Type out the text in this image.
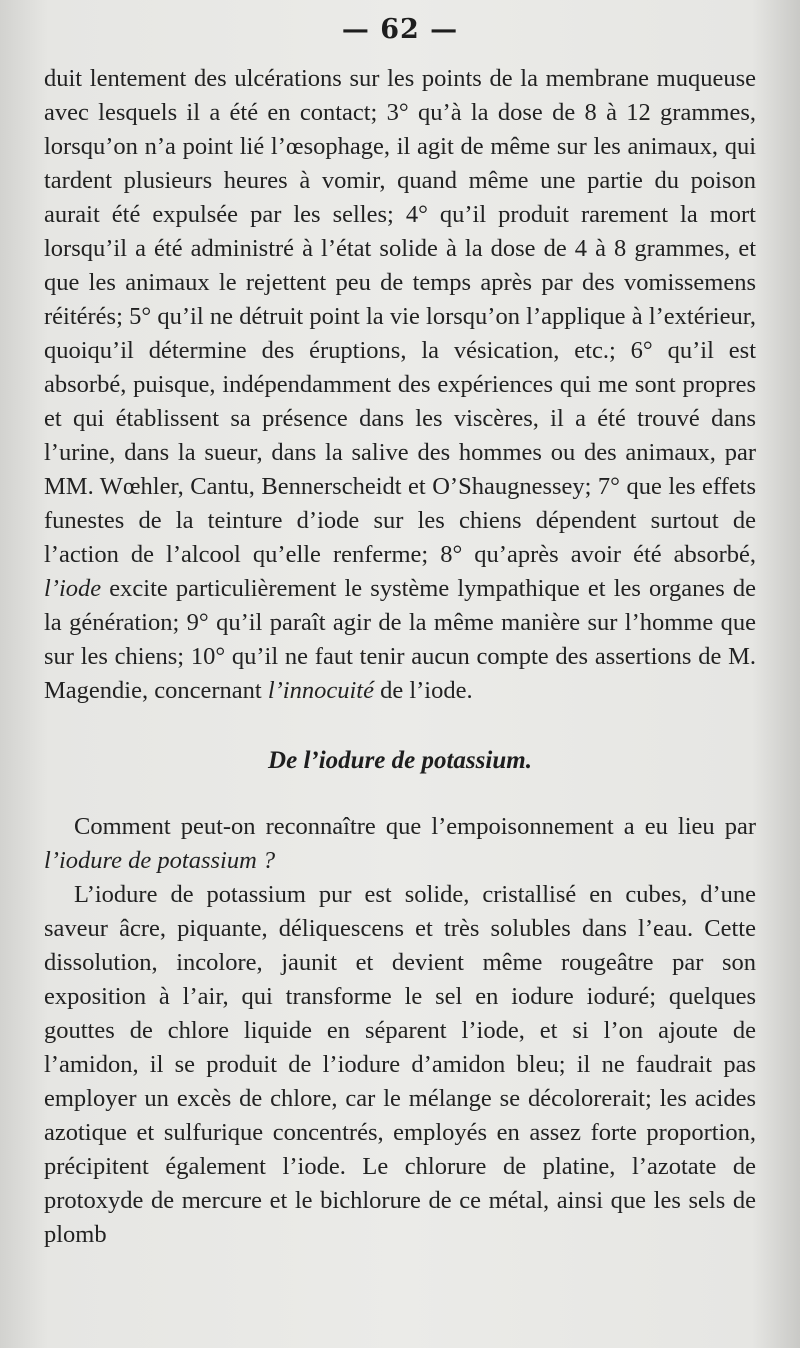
— 62 —

duit lentement des ulcérations sur les points de la membrane muqueuse avec lesquels il a été en contact; 3° qu’à la dose de 8 à 12 grammes, lorsqu’on n’a point lié l’œsophage, il agit de même sur les animaux, qui tardent plusieurs heures à vomir, quand même une partie du poison aurait été expulsée par les selles; 4° qu’il produit rarement la mort lorsqu’il a été administré à l’état solide à la dose de 4 à 8 grammes, et que les animaux le rejettent peu de temps après par des vomissemens réitérés; 5° qu’il ne détruit point la vie lorsqu’on l’applique à l’extérieur, quoiqu’il détermine des éruptions, la vésication, etc.; 6° qu’il est absorbé, puisque, indépendamment des expériences qui me sont propres et qui établissent sa présence dans les viscères, il a été trouvé dans l’urine, dans la sueur, dans la salive des hommes ou des animaux, par MM. Wœhler, Cantu, Bennerscheidt et O’Shaugnessey; 7° que les effets funestes de la teinture d’iode sur les chiens dépendent surtout de l’action de l’alcool qu’elle renferme; 8° qu’après avoir été absorbé, l’iode excite particulièrement le système lympathique et les organes de la génération; 9° qu’il paraît agir de la même manière sur l’homme que sur les chiens; 10° qu’il ne faut tenir aucun compte des assertions de M. Magendie, concernant l’innocuité de l’iode.

De l’iodure de potassium.

Comment peut-on reconnaître que l’empoisonnement a eu lieu par l’iodure de potassium ?

L’iodure de potassium pur est solide, cristallisé en cubes, d’une saveur âcre, piquante, déliquescens et très solubles dans l’eau. Cette dissolution, incolore, jaunit et devient même rougeâtre par son exposition à l’air, qui transforme le sel en iodure ioduré; quelques gouttes de chlore liquide en séparent l’iode, et si l’on ajoute de l’amidon, il se produit de l’iodure d’amidon bleu; il ne faudrait pas employer un excès de chlore, car le mélange se décolorerait; les acides azotique et sulfurique concentrés, employés en assez forte proportion, précipitent également l’iode. Le chlorure de platine, l’azotate de protoxyde de mercure et le bichlorure de ce métal, ainsi que les sels de plomb
